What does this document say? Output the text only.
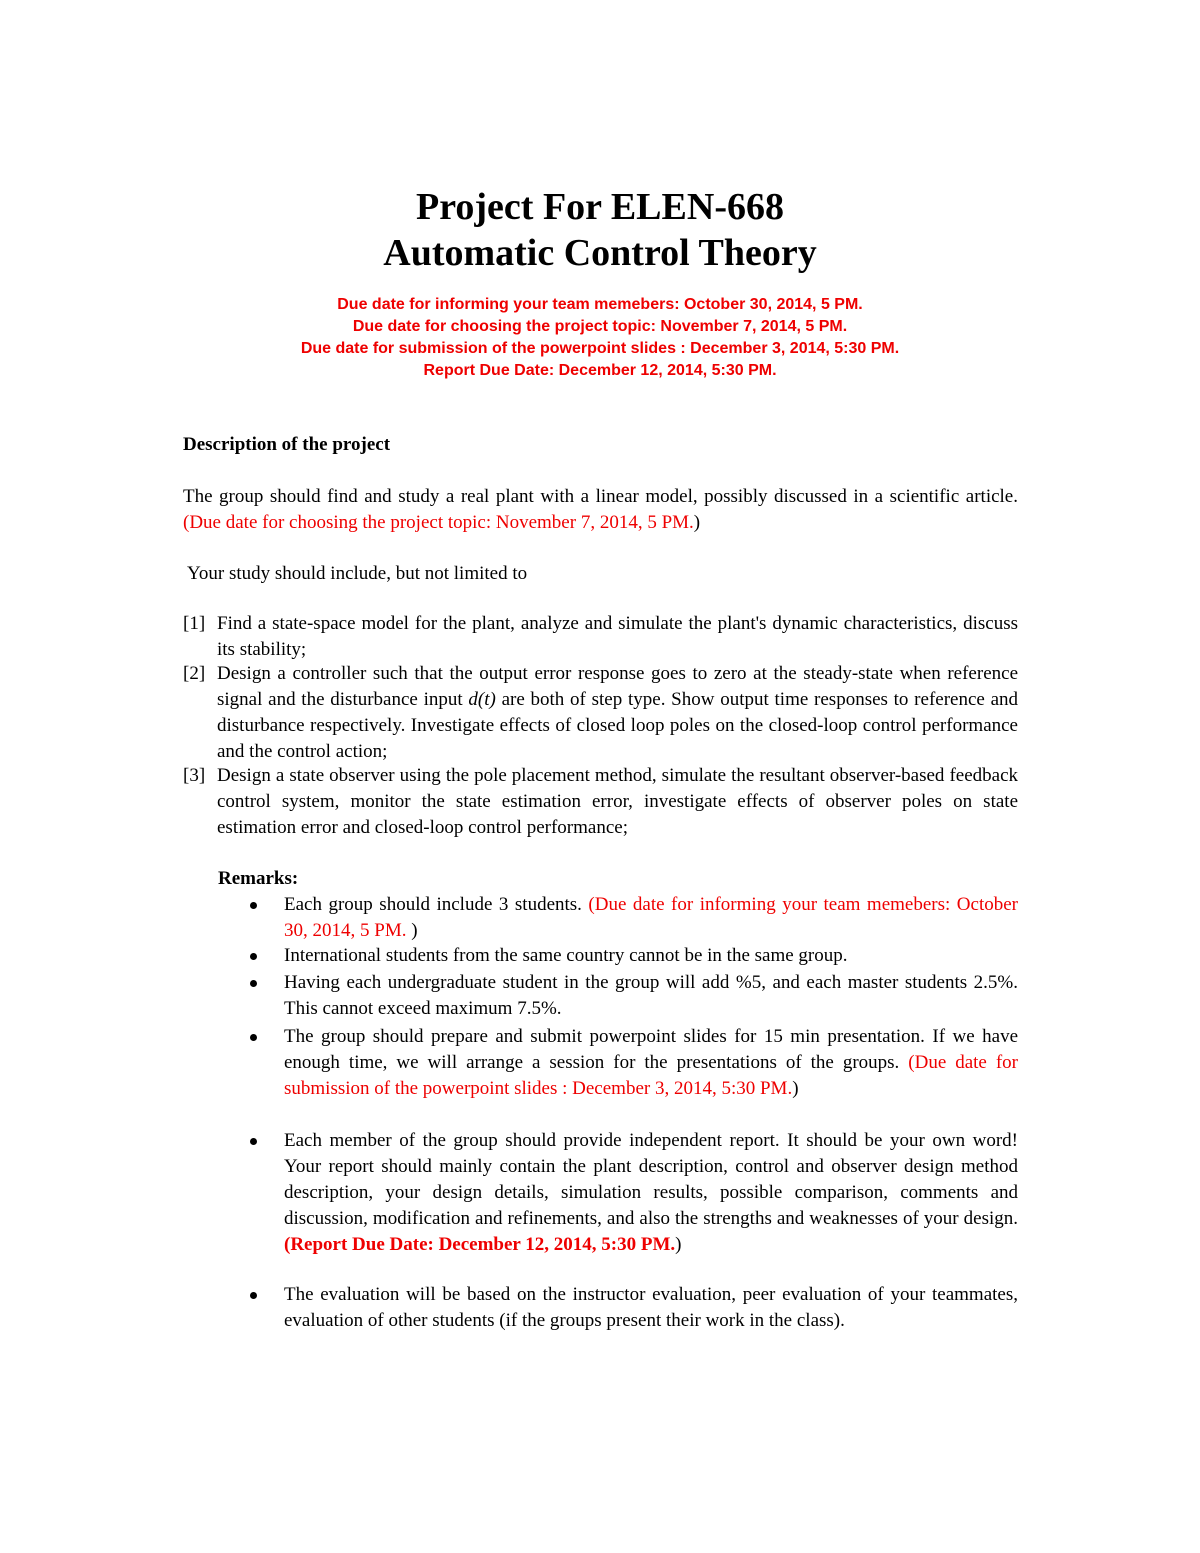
Project For ELEN-668
Automatic Control Theory
Due date for informing your team memebers: October 30, 2014, 5 PM.
Due date for choosing the project topic: November 7, 2014, 5 PM.
Due date for submission of the powerpoint slides : December 3, 2014, 5:30 PM.
Report Due Date: December 12, 2014, 5:30 PM.
Description of the project
The group should find and study a real plant with a linear model, possibly discussed in a scientific article. (Due date for choosing the project topic: November 7, 2014, 5 PM.)
Your study should include, but not limited to
[1] Find a state-space model for the plant, analyze and simulate the plant's dynamic characteristics, discuss its stability;
[2] Design a controller such that the output error response goes to zero at the steady-state when reference signal and the disturbance input d(t) are both of step type. Show output time responses to reference and disturbance respectively. Investigate effects of closed loop poles on the closed-loop control performance and the control action;
[3] Design a state observer using the pole placement method, simulate the resultant observer-based feedback control system, monitor the state estimation error, investigate effects of observer poles on state estimation error and closed-loop control performance;
Remarks:
Each group should include 3 students. (Due date for informing your team memebers: October 30, 2014, 5 PM. )
International students from the same country cannot be in the same group.
Having each undergraduate student in the group will add %5, and each master students 2.5%. This cannot exceed maximum 7.5%.
The group should prepare and submit powerpoint slides for 15 min presentation. If we have enough time, we will arrange a session for the presentations of the groups. (Due date for submission of the powerpoint slides : December 3, 2014, 5:30 PM.)
Each member of the group should provide independent report. It should be your own word! Your report should mainly contain the plant description, control and observer design method description, your design details, simulation results, possible comparison, comments and discussion, modification and refinements, and also the strengths and weaknesses of your design. (Report Due Date: December 12, 2014, 5:30 PM.)
The evaluation will be based on the instructor evaluation, peer evaluation of your teammates, evaluation of other students (if the groups present their work in the class).
